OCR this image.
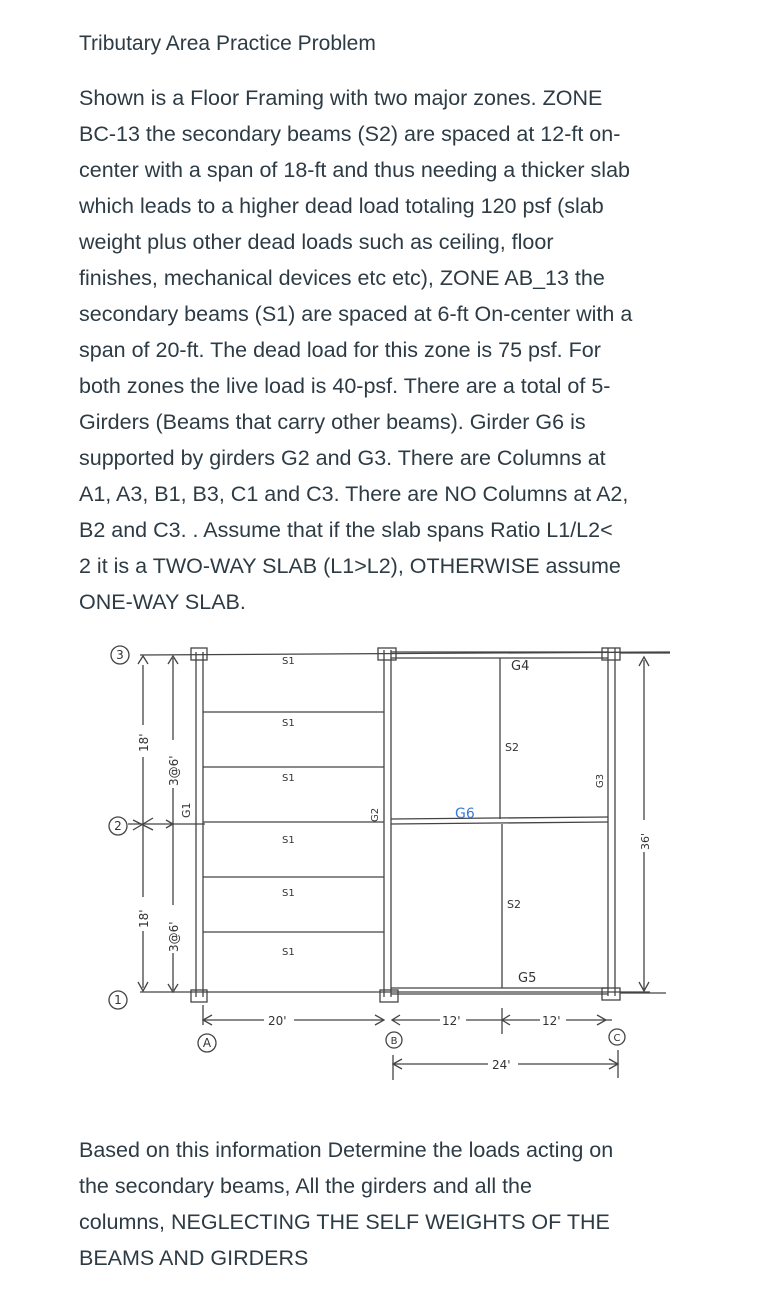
Tributary Area Practice Problem
Shown is a Floor Framing with two major zones. ZONE
BC-13 the secondary beams (S2) are spaced at 12-ft on-
center with a span of 18-ft and thus needing a thicker slab
which leads to a higher dead load totaling 120 psf (slab
weight plus other dead loads such as ceiling, floor
finishes, mechanical devices etc etc), ZONE AB_13 the
secondary beams (S1) are spaced at 6-ft On-center with a
span of 20-ft. The dead load for this zone is 75 psf. For
both zones the live load is 40-psf. There are a total of 5-
Girders (Beams that carry other beams). Girder G6 is
supported by girders G2 and G3. There are Columns at
A1, A3, B1, B3, C1 and C3. There are NO Columns at A2,
B2 and C3. . Assume that if the slab spans Ratio L1/L2<
2 it is a TWO-WAY SLAB (L1>L2), OTHERWISE assume
ONE-WAY SLAB.
3
2
1
A	B	C
S1
S1
S1
S1
S1
S1
S2
S2
G4
G5
G6
G2
G3
G1
18'
18'
3@6'
3@6'
36'
20'	12'	12'
24'
Based on this information Determine the loads acting on
the secondary beams, All the girders and all the
columns, NEGLECTING THE SELF WEIGHTS OF THE
BEAMS AND GIRDERS
